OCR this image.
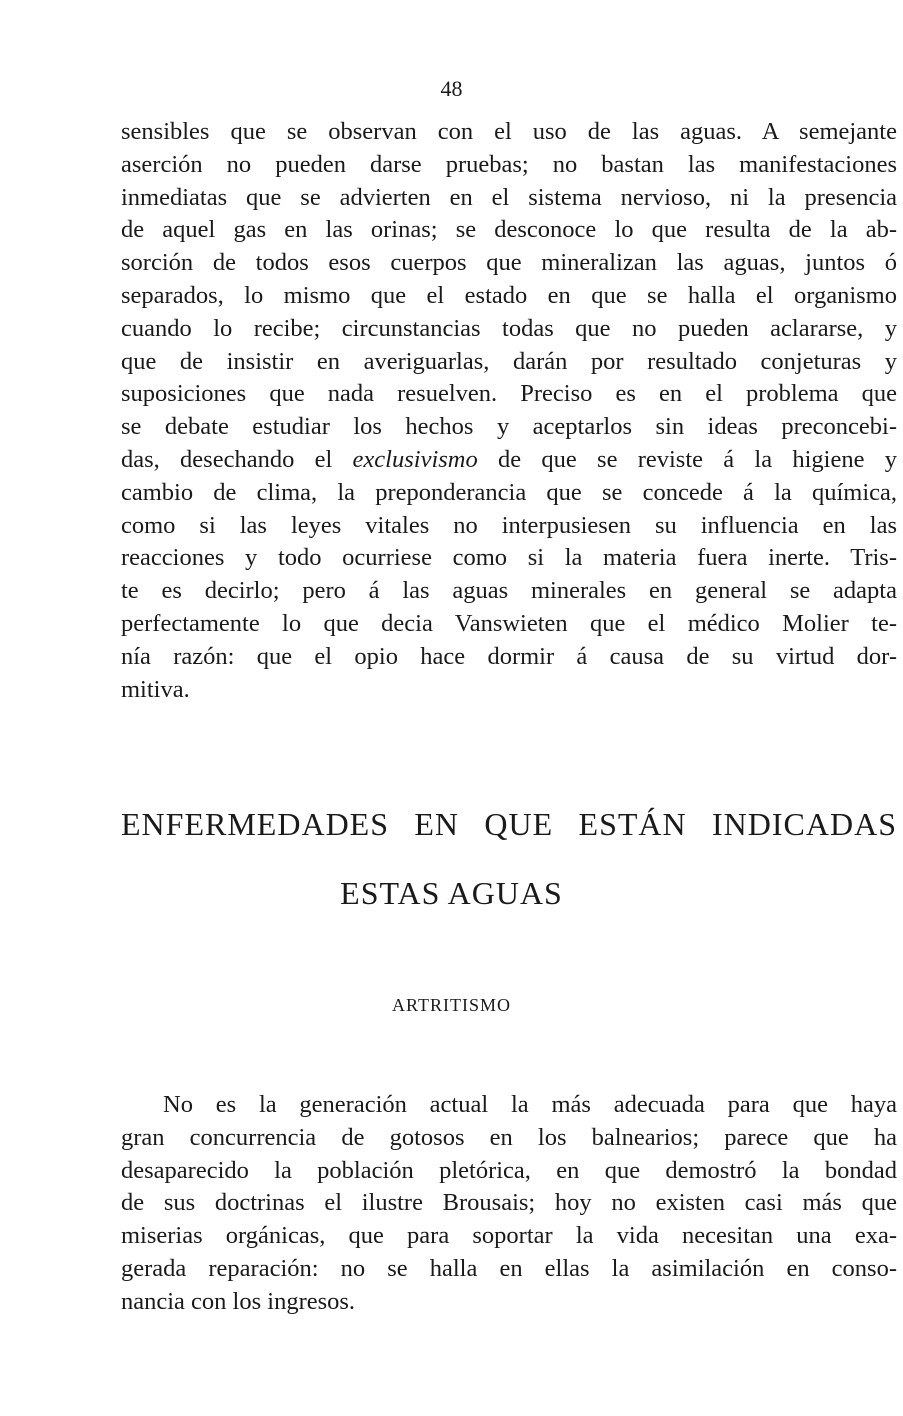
48
sensibles que se observan con el uso de las aguas. A semejante
aserción no pueden darse pruebas; no bastan las manifestaciones
inmediatas que se advierten en el sistema nervioso, ni la presencia
de aquel gas en las orinas; se desconoce lo que resulta de la ab-
sorción de todos esos cuerpos que mineralizan las aguas, juntos ó
separados, lo mismo que el estado en que se halla el organismo
cuando lo recibe; circunstancias todas que no pueden aclararse, y
que de insistir en averiguarlas, darán por resultado conjeturas y
suposiciones que nada resuelven. Preciso es en el problema que
se debate estudiar los hechos y aceptarlos sin ideas preconcebi-
das, desechando el exclusivismo de que se reviste á la higiene y
cambio de clima, la preponderancia que se concede á la química,
como si las leyes vitales no interpusiesen su influencia en las
reacciones y todo ocurriese como si la materia fuera inerte. Tris-
te es decirlo; pero á las aguas minerales en general se adapta
perfectamente lo que decia Vanswieten que el médico Molier te-
nía razón: que el opio hace dormir á causa de su virtud dor-
mitiva.
ENFERMEDADES EN QUE ESTÁN INDICADAS
ESTAS AGUAS
ARTRITISMO
No es la generación actual la más adecuada para que haya
gran concurrencia de gotosos en los balnearios; parece que ha
desaparecido la población pletórica, en que demostró la bondad
de sus doctrinas el ilustre Brousais; hoy no existen casi más que
miserias orgánicas, que para soportar la vida necesitan una exa-
gerada reparación: no se halla en ellas la asimilación en conso-
nancia con los ingresos.
